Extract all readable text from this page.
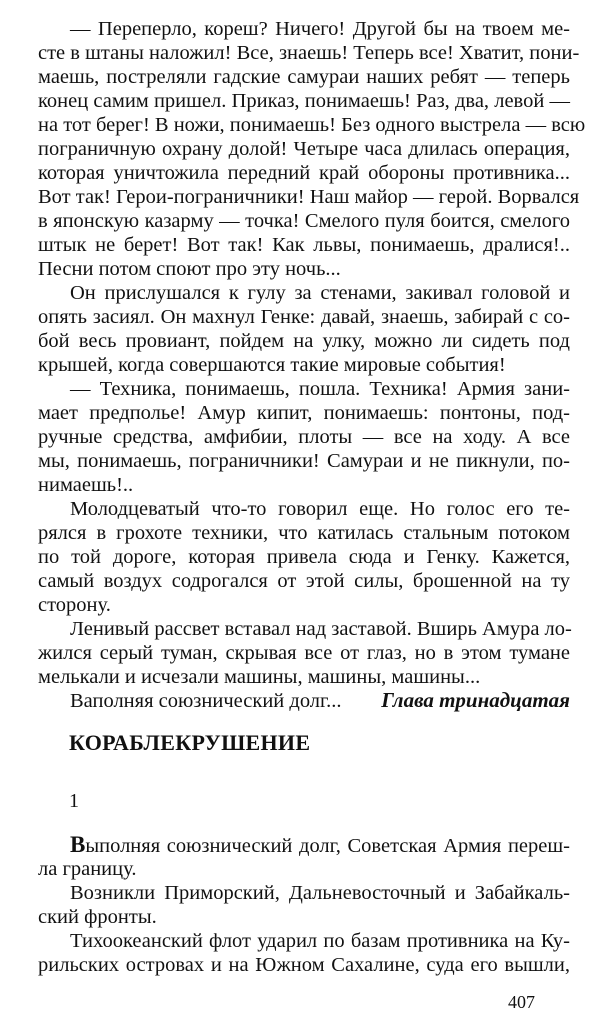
— Переперло, кореш? Ничего! Другой бы на твоем ме-
сте в штаны наложил! Все, знаешь! Теперь все! Хватит, пони-
маешь, постреляли гадские самураи наших ребят — теперь
конец самим пришел. Приказ, понимаешь! Раз, два, левой —
на тот берег! В ножи, понимаешь! Без одного выстрела — всю
пограничную охрану долой! Четыре часа длилась операция,
которая уничтожила передний край обороны противника...
Вот так! Герои-пограничники! Наш майор — герой. Ворвался
в японскую казарму — точка! Смелого пуля боится, смелого
штык не берет! Вот так! Как львы, понимаешь, дралися!..
Песни потом споют про эту ночь...
Он прислушался к гулу за стенами, закивал головой и
опять засиял. Он махнул Генке: давай, знаешь, забирай с со-
бой весь провиант, пойдем на улку, можно ли сидеть под
крышей, когда совершаются такие мировые события!
— Техника, понимаешь, пошла. Техника! Армия зани-
мает предполье! Амур кипит, понимаешь: понтоны, под-
ручные средства, амфибии, плоты — все на ходу. А все
мы, понимаешь, пограничники! Самураи и не пикнули, по-
нимаешь!..
Молодцеватый что-то говорил еще. Но голос его те-
рялся в грохоте техники, что катилась стальным потоком
по той дороге, которая привела сюда и Генку. Кажется,
самый воздух содрогался от этой силы, брошенной на ту
сторону.
Ленивый рассвет вставал над заставой. Вширь Амура ло-
жился серый туман, скрывая все от глаз, но в этом тумане
мелькали и исчезали машины, машины, машины...
Ваполняя союзнический долг...	Глава тринадцатая
КОРАБЛЕКРУШЕНИЕ
1
Выполняя союзнический долг, Советская Армия переш-
ла границу.
Возникли Приморский, Дальневосточный и Забайкаль-
ский фронты.
Тихоокеанский флот ударил по базам противника на Ку-
рильских островах и на Южном Сахалине, суда его вышли,
407
